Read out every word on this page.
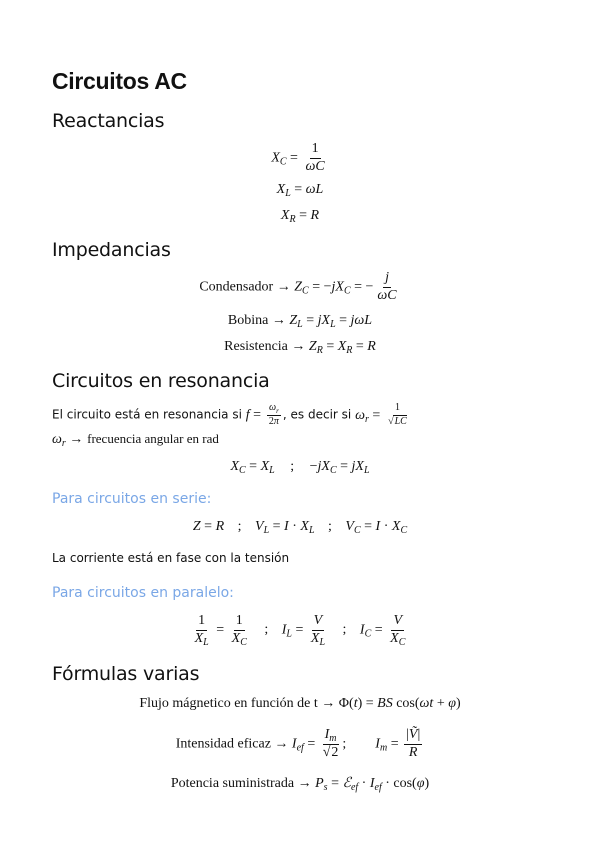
Circuitos AC
Reactancias
$X_C = \frac{1}{\omega C}$
$X_L = \omega L$
$X_R = R$
Impedancias
Condensador → $Z_C = -jX_C$ = − $\frac{j}{\omega C}$
Bobina → $Z_L = jX_L = j\omega L$
Resistencia → $Z_R = X_R = R$
Circuitos en resonancia
El circuito está en resonancia si $f = \frac{\omega_r}{2\pi}$ , es decir si $\omega_r = \frac{1}{√LC}$
$\omega_r$ → frecuencia angular en rad
$X_C = X_L$ ; $-jX_C = jX_L$
Para circuitos en serie:
Z = R ; $V_L = I \cdot X_L$ ; $V_C = I \cdot X_C$
La corriente está en fase con la tensión
Para circuitos en paralelo:
$\frac{1}{X_L} = \frac{1}{X_C}$ ; $I_L = \frac{V}{X_L}$ ; $I_C = \frac{V}{X_C}$
Fórmulas varias
Flujo mágnetico en función de t → Φ(t) = BS cos(ωt + φ)
Intensidad eficaz → $I_{ef} = \frac{I_m}{√2}$ ;  $I_m = \frac{\text{|Ṽ|}}{R}$
Potencia suministrada → $P_s$ = ℰ$_{ef}$ · $I_{ef} \cdot \cos(\varphi)$
